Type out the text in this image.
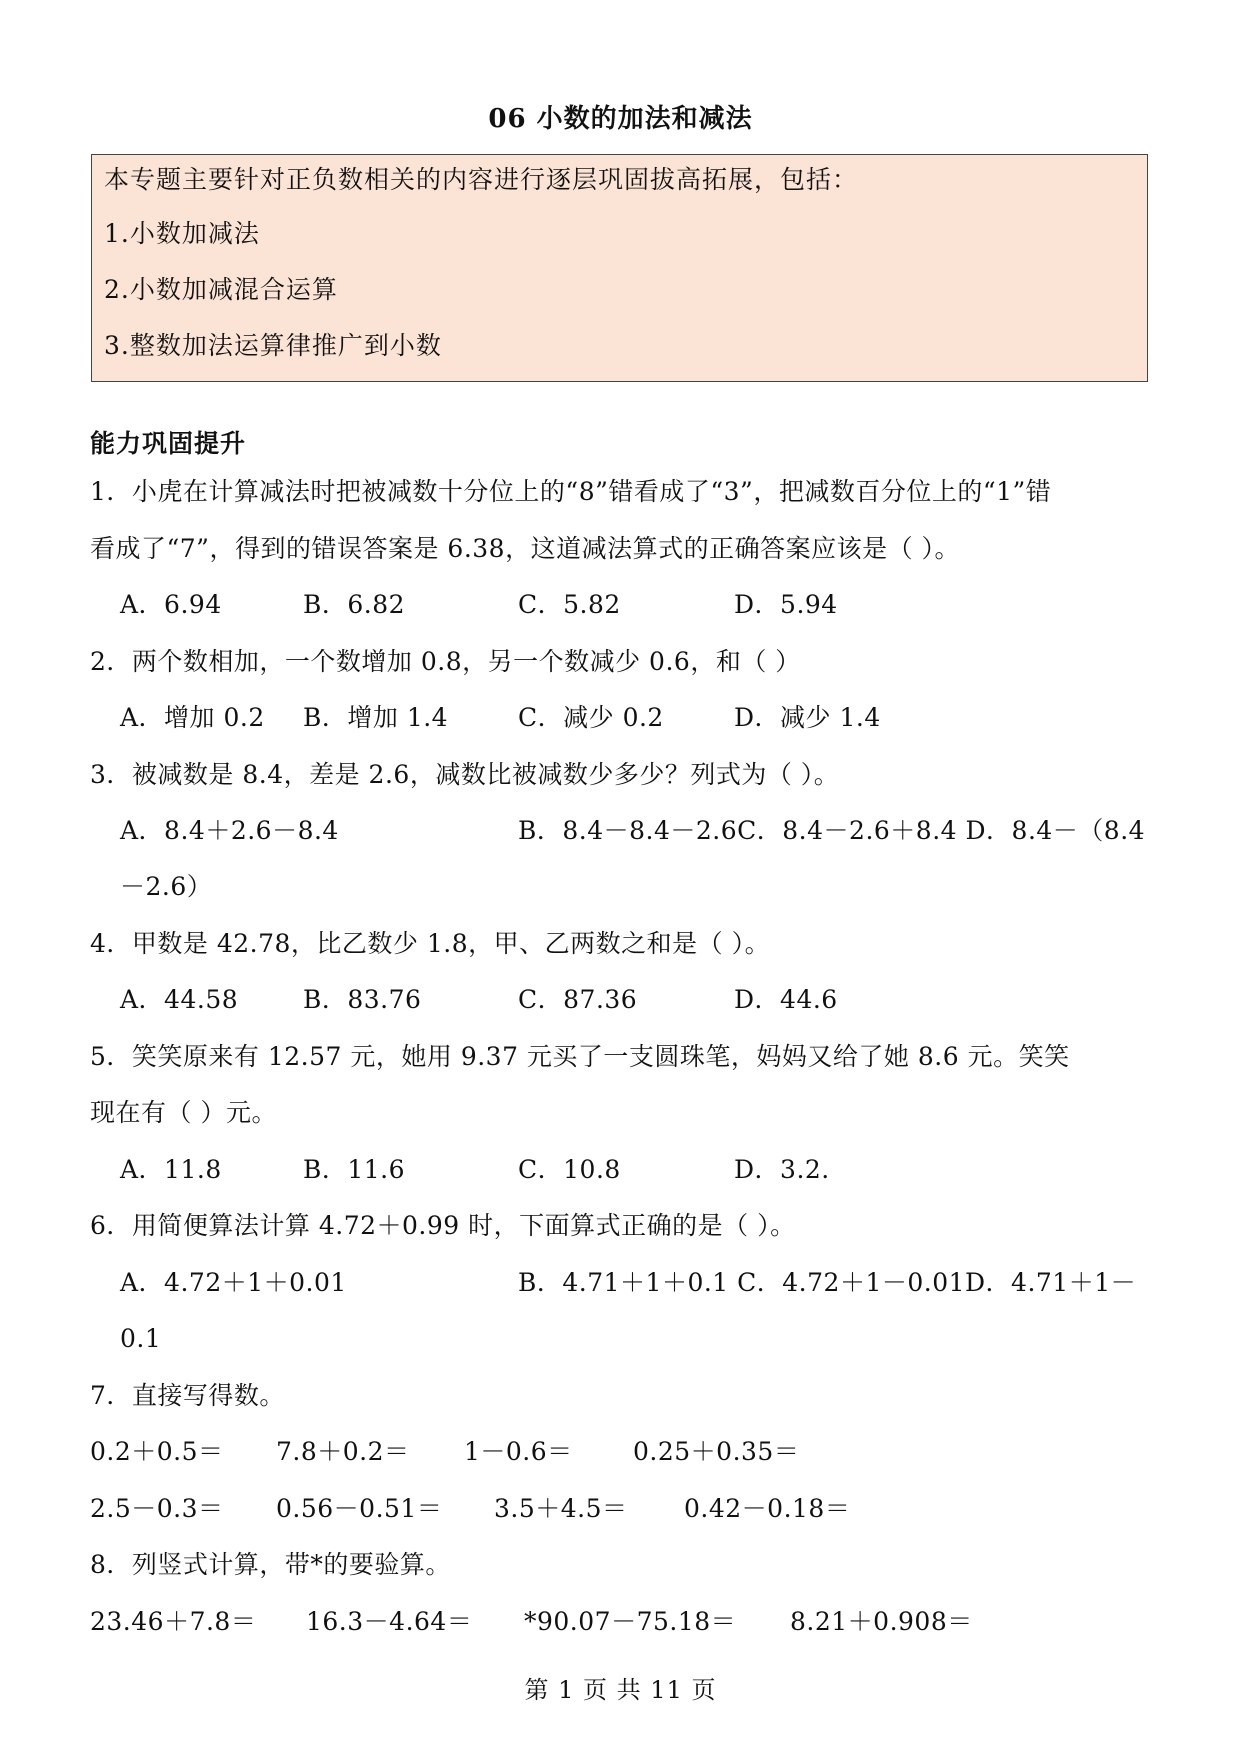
06 小数的加法和减法
本专题主要针对正负数相关的内容进行逐层巩固拔高拓展，包括：
1.小数加减法
2.小数加减混合运算
3.整数加法运算律推广到小数
能力巩固提升
1．小虎在计算减法时把被减数十分位上的“8”错看成了“3”，把减数百分位上的“1”错
看成了“7”，得到的错误答案是 6.38，这道减法算式的正确答案应该是（ ）。
A．6.94	B．6.82	C．5.82	D．5.94
2．两个数相加，一个数增加 0.8，另一个数减少 0.6，和（ ）
A．增加 0.2 B．增加 1.4	C．减少 0.2	D．减少 1.4
3．被减数是 8.4，差是 2.6，减数比被减数少多少？列式为（ ）。
A．8.4＋2.6－8.4	B．8.4－8.4－2.6C．8.4－2.6＋8.4 D．8.4－（8.4
－2.6）
4．甲数是 42.78，比乙数少 1.8，甲、乙两数之和是（ ）。
A．44.58	B．83.76	C．87.36	D．44.6
5．笑笑原来有 12.57 元，她用 9.37 元买了一支圆珠笔，妈妈又给了她 8.6 元。笑笑
现在有（ ）元。
A．11.8	B．11.6	C．10.8	D．3.2.
6．用简便算法计算 4.72＋0.99 时，下面算式正确的是（ ）。
A．4.72＋1＋0.01	B．4.71＋1＋0.1 C．4.72＋1－0.01D．4.71＋1－
0.1
7．直接写得数。
0.2＋0.5＝ 7.8＋0.2＝ 1－0.6＝ 0.25＋0.35＝
2.5－0.3＝ 0.56－0.51＝ 3.5＋4.5＝ 0.42－0.18＝
8．列竖式计算，带*的要验算。
23.46＋7.8＝ 16.3－4.64＝ *90.07－75.18＝ 8.21＋0.908＝
第 1 页 共 11 页
